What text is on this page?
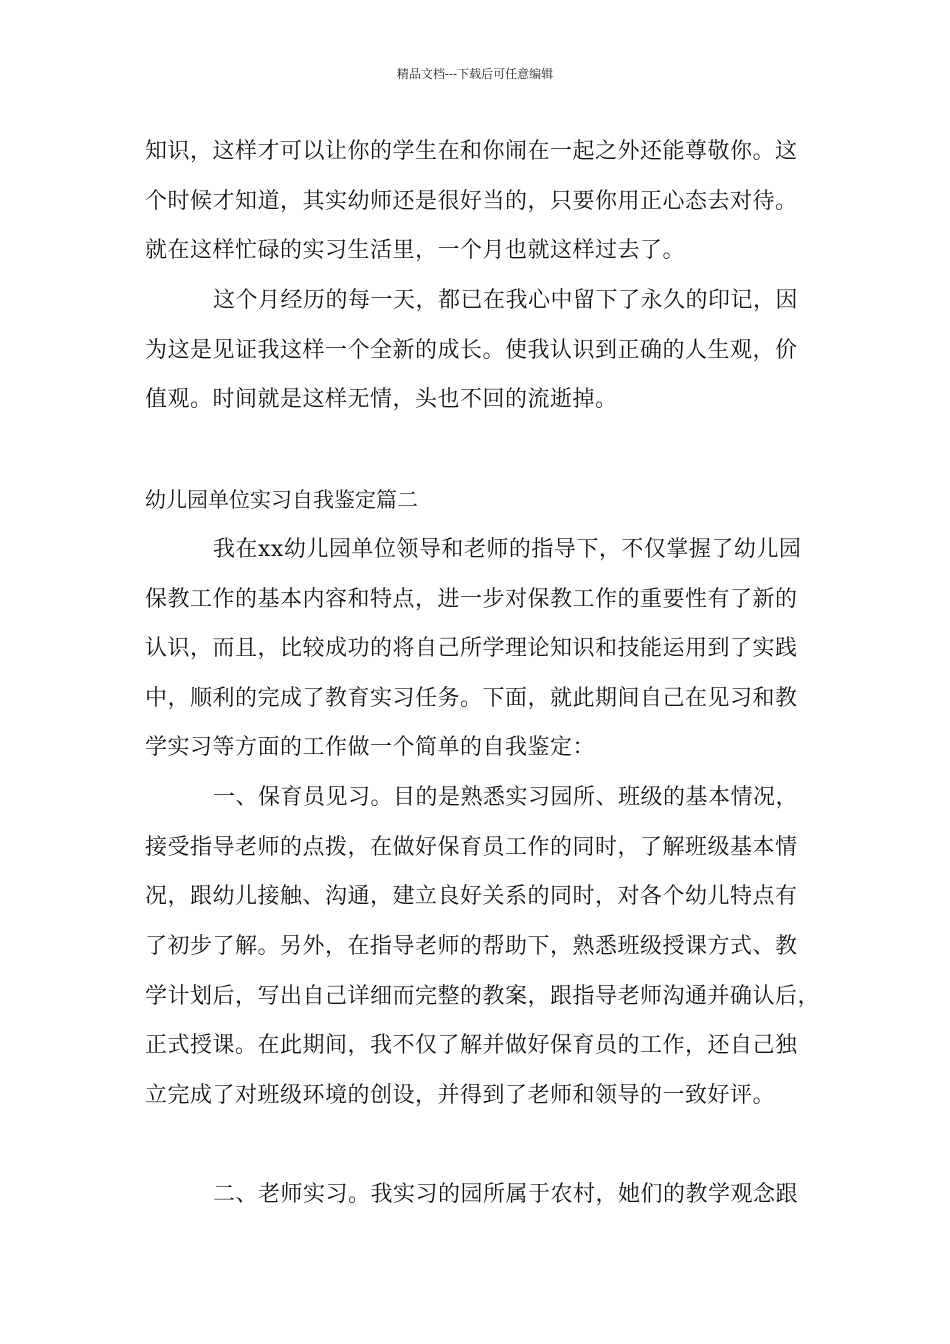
精品文档---下载后可任意编辑
知识，这样才可以让你的学生在和你闹在一起之外还能尊敬你。这
个时候才知道，其实幼师还是很好当的，只要你用正心态去对待。
就在这样忙碌的实习生活里，一个月也就这样过去了。
这个月经历的每一天，都已在我心中留下了永久的印记，因
为这是见证我这样一个全新的成长。使我认识到正确的人生观，价
值观。时间就是这样无情，头也不回的流逝掉。
幼儿园单位实习自我鉴定篇二
我在xx幼儿园单位领导和老师的指导下，不仅掌握了幼儿园
保教工作的基本内容和特点，进一步对保教工作的重要性有了新的
认识，而且，比较成功的将自己所学理论知识和技能运用到了实践
中，顺利的完成了教育实习任务。下面，就此期间自己在见习和教
学实习等方面的工作做一个简单的自我鉴定：
一、保育员见习。目的是熟悉实习园所、班级的基本情况，
接受指导老师的点拨，在做好保育员工作的同时，了解班级基本情
况，跟幼儿接触、沟通，建立良好关系的同时，对各个幼儿特点有
了初步了解。另外，在指导老师的帮助下，熟悉班级授课方式、教
学计划后，写出自己详细而完整的教案，跟指导老师沟通并确认后，
正式授课。在此期间，我不仅了解并做好保育员的工作，还自己独
立完成了对班级环境的创设，并得到了老师和领导的一致好评。
二、老师实习。我实习的园所属于农村，她们的教学观念跟
